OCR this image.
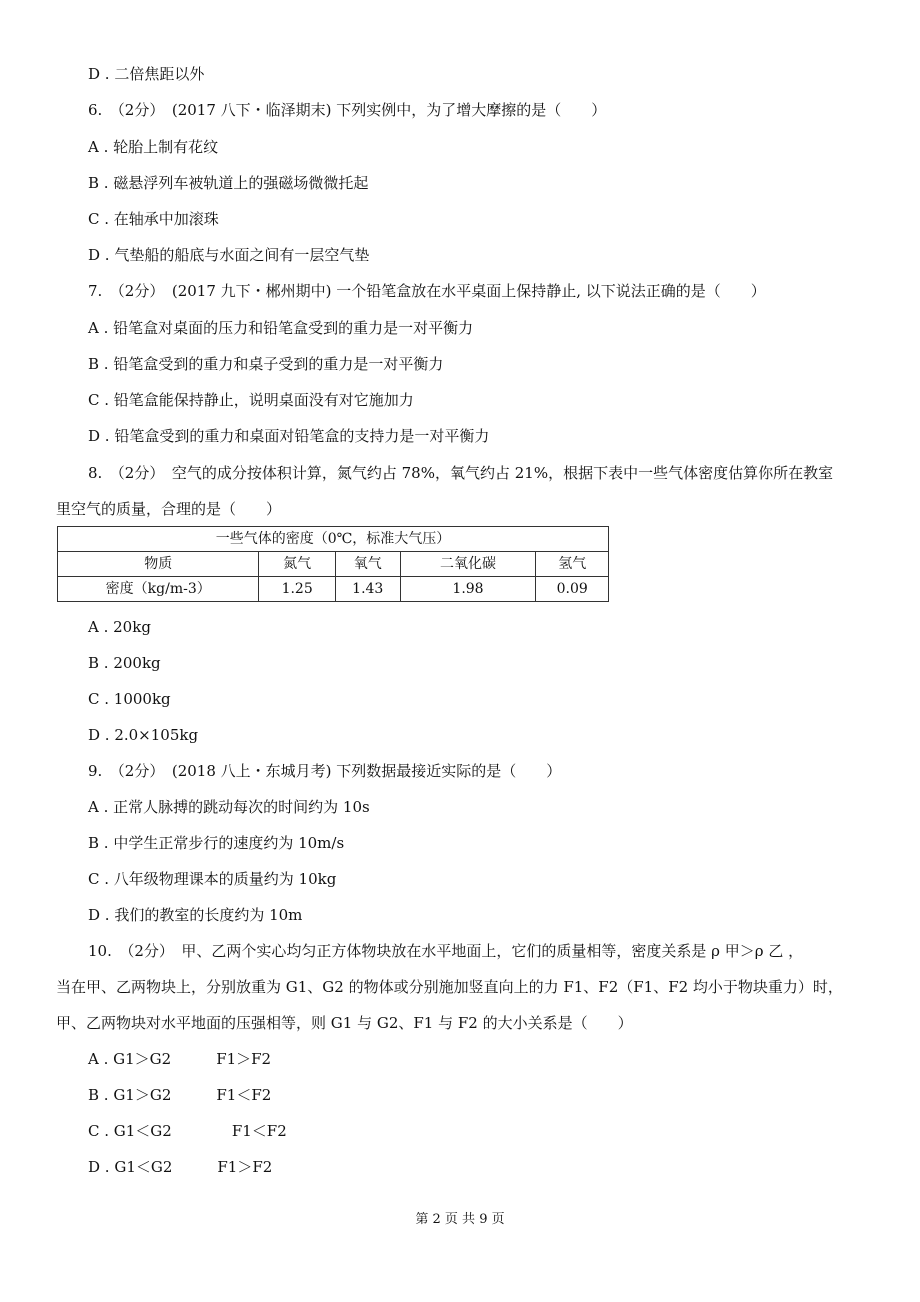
D . 二倍焦距以外
6.　（2分）　(2017 八下・临泽期末) 下列实例中，为了增大摩擦的是（　　）
A . 轮胎上制有花纹
B . 磁悬浮列车被轨道上的强磁场微微托起
C . 在轴承中加滚珠
D . 气垫船的船底与水面之间有一层空气垫
7.　（2分）　(2017 九下・郴州期中) 一个铅笔盒放在水平桌面上保持静止, 以下说法正确的是（　　）
A . 铅笔盒对桌面的压力和铅笔盒受到的重力是一对平衡力
B . 铅笔盒受到的重力和桌子受到的重力是一对平衡力
C . 铅笔盒能保持静止，说明桌面没有对它施加力
D . 铅笔盒受到的重力和桌面对铅笔盒的支持力是一对平衡力
8.　（2分）　空气的成分按体积计算，氮气约占 78%，氧气约占 21%，根据下表中一些气体密度估算你所在教室
里空气的质量，合理的是（　　）
一些气体的密度（0℃，标准大气压）				
物质	氮气	氧气	二氧化碳	氢气
密度（kg/m-3）	1.25	1.43	1.98	0.09
A . 20kg
B . 200kg
C . 1000kg
D . 2.0×105kg
9.　（2分）　(2018 八上・东城月考) 下列数据最接近实际的是（　　）
A . 正常人脉搏的跳动每次的时间约为 10s
B . 中学生正常步行的速度约为 10m/s
C . 八年级物理课本的质量约为 10kg
D . 我们的教室的长度约为 10m
10.　（2分）　甲、乙两个实心均匀正方体物块放在水平地面上，它们的质量相等，密度关系是 ρ 甲＞ρ 乙 ，
当在甲、乙两物块上，分别放重为 G1、G2 的物体或分别施加竖直向上的力 F1、F2（F1、F2 均小于物块重力）时，
甲、乙两物块对水平地面的压强相等，则 G1 与 G2、F1 与 F2 的大小关系是（　　）
A . G1＞G2　　　F1＞F2
B . G1＞G2　　　F1＜F2
C . G1＜G2　　　　F1＜F2
D . G1＜G2　　　F1＞F2
第 2 页 共 9 页
